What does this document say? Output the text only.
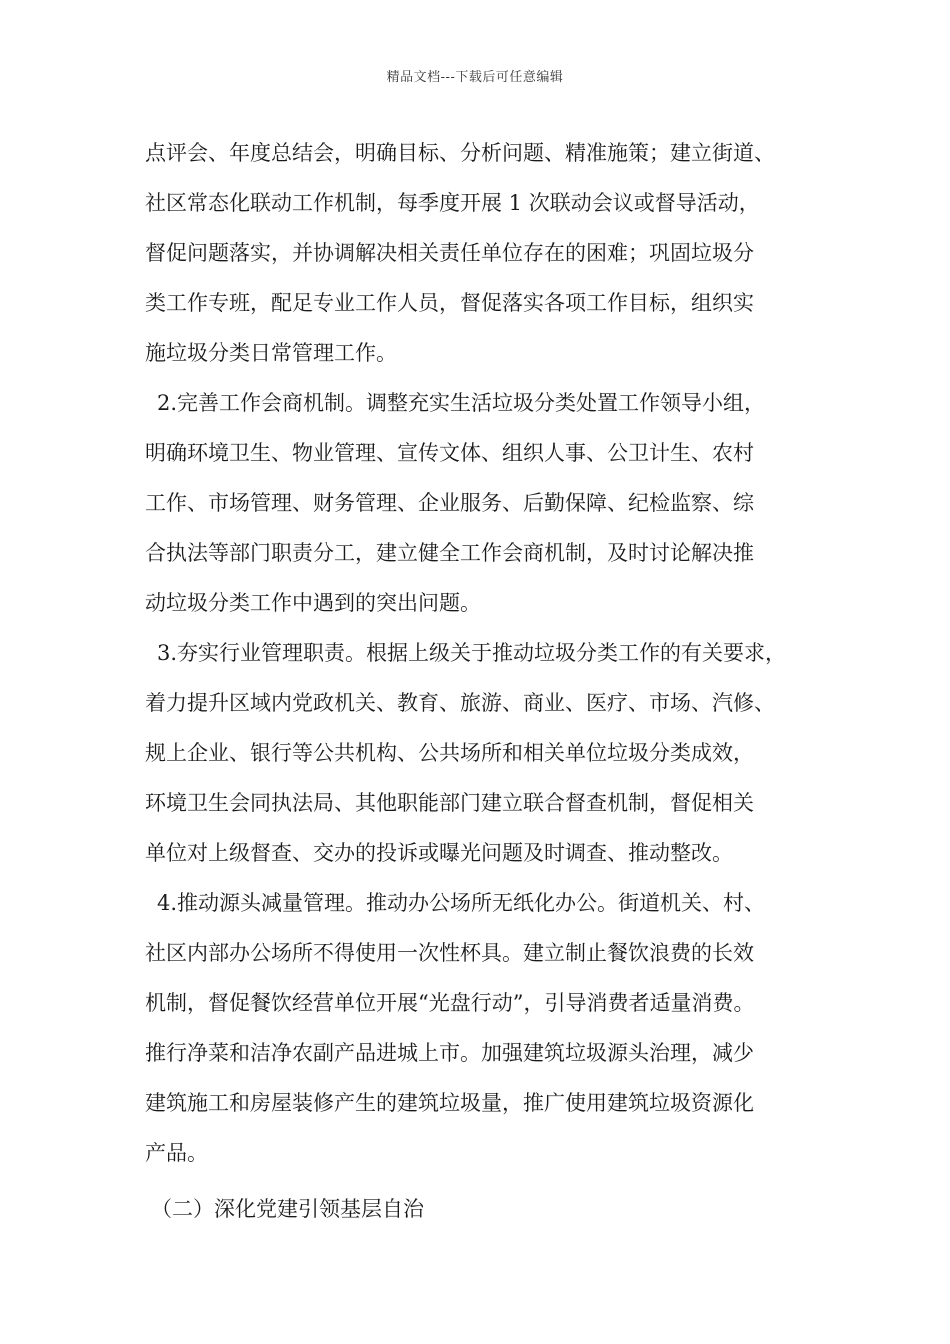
精品文档---下载后可任意编辑
点评会、年度总结会，明确目标、分析问题、精准施策；建立街道、
社区常态化联动工作机制，每季度开展 1 次联动会议或督导活动，
督促问题落实，并协调解决相关责任单位存在的困难；巩固垃圾分
类工作专班，配足专业工作人员，督促落实各项工作目标，组织实
施垃圾分类日常管理工作。
2.完善工作会商机制。调整充实生活垃圾分类处置工作领导小组，
明确环境卫生、物业管理、宣传文体、组织人事、公卫计生、农村
工作、市场管理、财务管理、企业服务、后勤保障、纪检监察、综
合执法等部门职责分工，建立健全工作会商机制，及时讨论解决推
动垃圾分类工作中遇到的突出问题。
3.夯实行业管理职责。根据上级关于推动垃圾分类工作的有关要求，
着力提升区域内党政机关、教育、旅游、商业、医疗、市场、汽修、
规上企业、银行等公共机构、公共场所和相关单位垃圾分类成效，
环境卫生会同执法局、其他职能部门建立联合督查机制，督促相关
单位对上级督查、交办的投诉或曝光问题及时调查、推动整改。
4.推动源头减量管理。推动办公场所无纸化办公。街道机关、村、
社区内部办公场所不得使用一次性杯具。建立制止餐饮浪费的长效
机制，督促餐饮经营单位开展“光盘行动”，引导消费者适量消费。
推行净菜和洁净农副产品进城上市。加强建筑垃圾源头治理，减少
建筑施工和房屋装修产生的建筑垃圾量，推广使用建筑垃圾资源化
产品。
（二）深化党建引领基层自治
